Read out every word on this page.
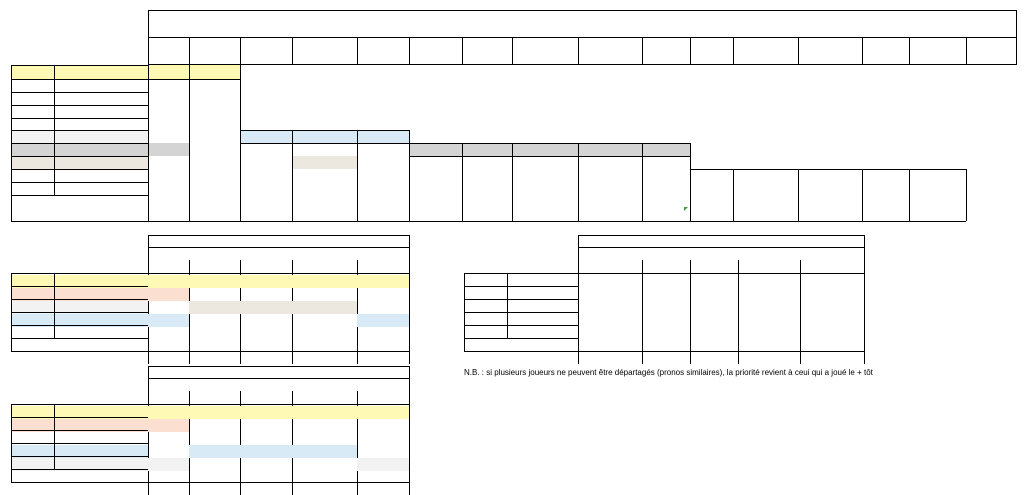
N.B. : si plusieurs joueurs ne peuvent être départagés (pronos similaires), la priorité revient à ceui qui a joué le + tôt
